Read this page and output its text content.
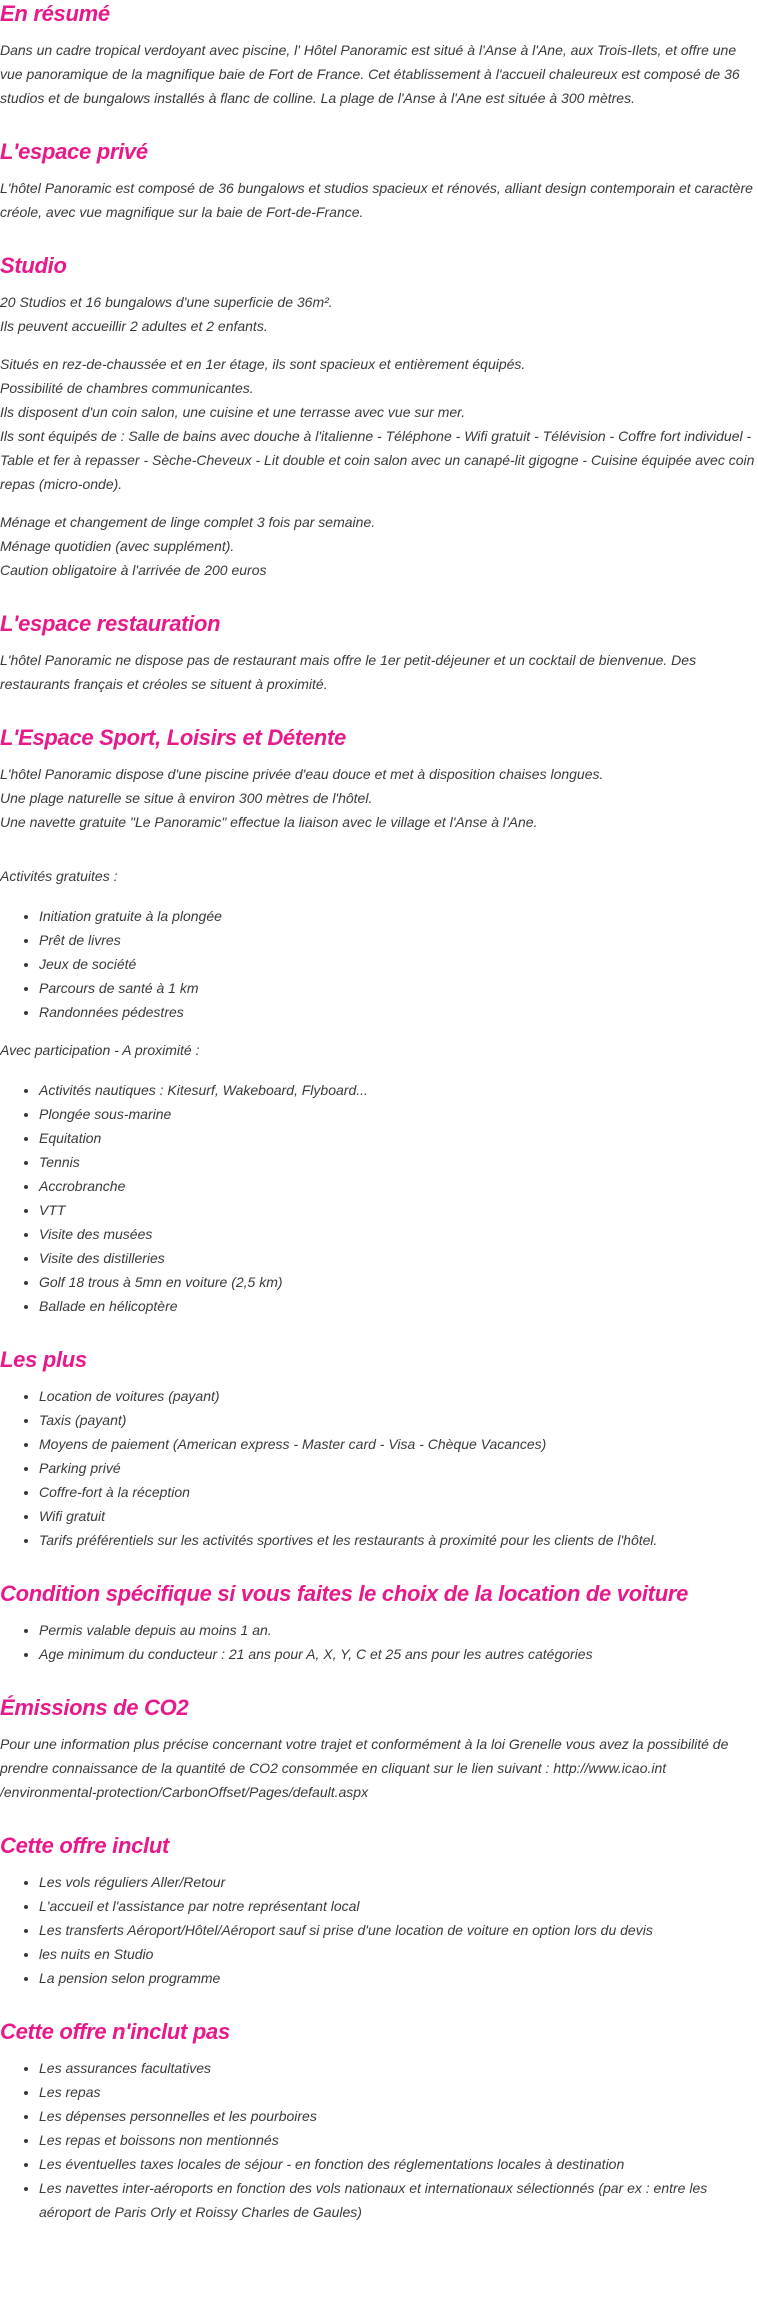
En résumé

Dans un cadre tropical verdoyant avec piscine, l' Hôtel Panoramic est situé à l'Anse à l'Ane, aux Trois-Ilets, et offre une vue panoramique de la magnifique baie de Fort de France. Cet établissement à l'accueil chaleureux est composé de 36 studios et de bungalows installés à flanc de colline. La plage de l'Anse à l'Ane est située à 300 mètres.

L'espace privé

L'hôtel Panoramic est composé de 36 bungalows et studios spacieux et rénovés, alliant design contemporain et caractère créole, avec vue magnifique sur la baie de Fort-de-France.

Studio
20 Studios et 16 bungalows d'une superficie de 36m².
Ils peuvent accueillir 2 adultes et 2 enfants.
Situés en rez-de-chaussée et en 1er étage, ils sont spacieux et entièrement équipés.
Possibilité de chambres communicantes.
Ils disposent d'un coin salon, une cuisine et une terrasse avec vue sur mer.
Ils sont équipés de : Salle de bains avec douche à l'italienne - Téléphone - Wifi gratuit - Télévision - Coffre fort individuel - Table et fer à repasser - Sèche-Cheveux - Lit double et coin salon avec un canapé-lit gigogne - Cuisine équipée avec coin repas (micro-onde).
Ménage et changement de linge complet 3 fois par semaine.
Ménage quotidien (avec supplément).
Caution obligatoire à l'arrivée de 200 euros
L'espace restauration

L'hôtel Panoramic ne dispose pas de restaurant mais offre le 1er petit-déjeuner et un cocktail de bienvenue. Des restaurants français et créoles se situent à proximité.

L'Espace Sport, Loisirs et Détente
L'hôtel Panoramic dispose d'une piscine privée d'eau douce et met à disposition chaises longues.
Une plage naturelle se situe à environ 300 mètres de l'hôtel.
Une navette gratuite "Le Panoramic" effectue la liaison avec le village et l'Anse à l'Ane.
Activités gratuites :
• Initiation gratuite à la plongée
• Prêt de livres
• Jeux de société
• Parcours de santé à 1 km
• Randonnées pédestres
Avec participation - A proximité :
• Activités nautiques : Kitesurf, Wakeboard, Flyboard...
• Plongée sous-marine
• Equitation
• Tennis
• Accrobranche
• VTT
• Visite des musées
• Visite des distilleries
• Golf 18 trous à 5mn en voiture (2,5 km)
• Ballade en hélicoptère
Les plus
• Location de voitures (payant)
• Taxis (payant)
• Moyens de paiement (American express - Master card - Visa - Chèque Vacances)
• Parking privé
• Coffre-fort à la réception
• Wifi gratuit
• Tarifs préférentiels sur les activités sportives et les restaurants à proximité pour les clients de l'hôtel.
Condition spécifique si vous faites le choix de la location de voiture
• Permis valable depuis au moins 1 an.
• Age minimum du conducteur : 21 ans pour A, X, Y, C et 25 ans pour les autres catégories
Émissions de CO2

Pour une information plus précise concernant votre trajet et conformément à la loi Grenelle vous avez la possibilité de prendre connaissance de la quantité de CO2 consommée en cliquant sur le lien suivant : http://www.icao.int /environmental-protection/CarbonOffset/Pages/default.aspx

Cette offre inclut
• Les vols réguliers Aller/Retour
• L'accueil et l'assistance par notre représentant local
• Les transferts Aéroport/Hôtel/Aéroport sauf si prise d'une location de voiture en option lors du devis
• les nuits en Studio
• La pension selon programme
Cette offre n'inclut pas
• Les assurances facultatives
• Les repas
• Les dépenses personnelles et les pourboires
• Les repas et boissons non mentionnés
• Les éventuelles taxes locales de séjour - en fonction des réglementations locales à destination
• Les navettes inter-aéroports en fonction des vols nationaux et internationaux sélectionnés (par ex : entre les aéroport de Paris Orly et Roissy Charles de Gaules)
